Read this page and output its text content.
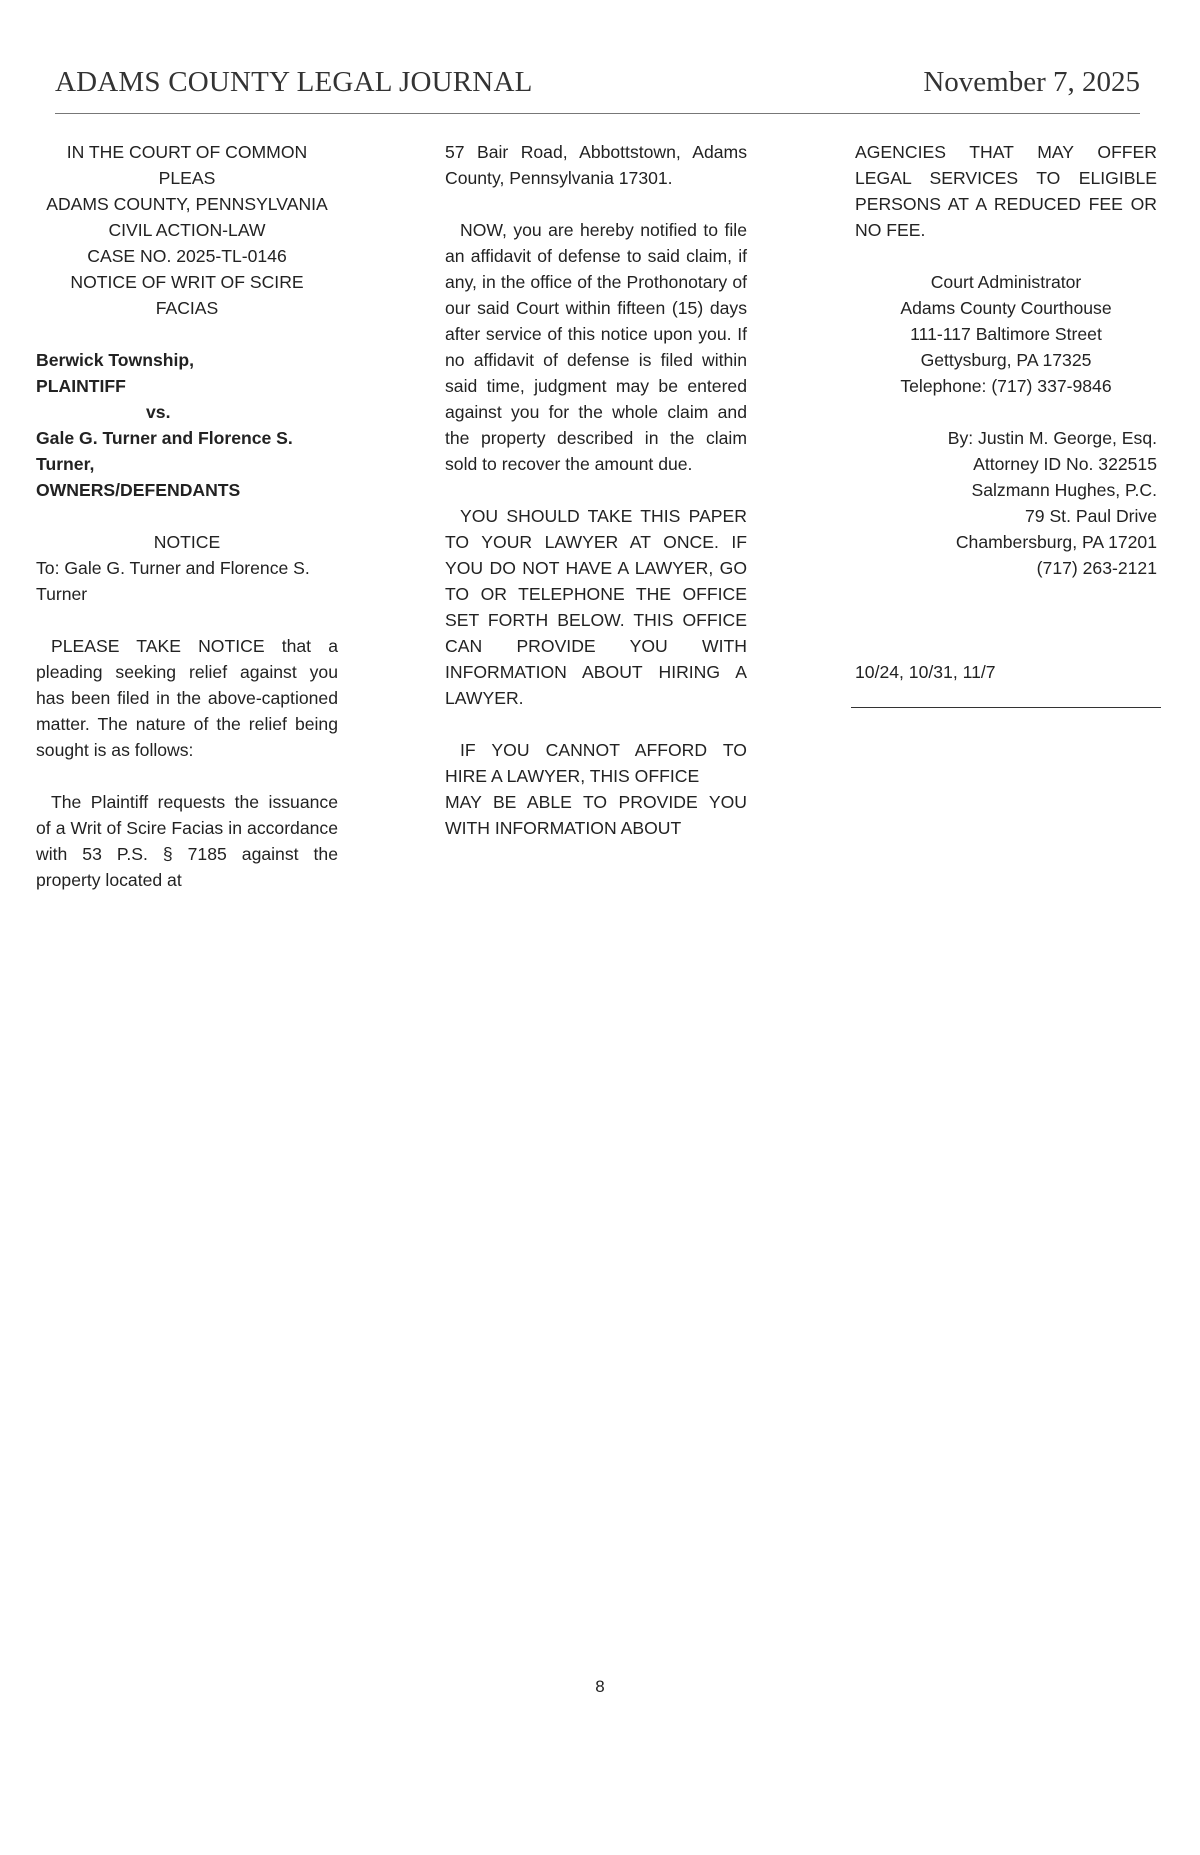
ADAMS COUNTY LEGAL JOURNAL	November 7, 2025
IN THE COURT OF COMMON
PLEAS
ADAMS COUNTY, PENNSYLVANIA
CIVIL ACTION-LAW
CASE NO. 2025-TL-0146
NOTICE OF WRIT OF SCIRE
FACIAS
Berwick Township,
PLAINTIFF
vs.
Gale G. Turner and Florence S.
Turner,
OWNERS/DEFENDANTS
NOTICE
To: Gale G. Turner and Florence S.
Turner

PLEASE TAKE NOTICE that a pleading seeking relief against you has been filed in the above-captioned matter. The nature of the relief being sought is as follows:

The Plaintiff requests the issuance of a Writ of Scire Facias in accordance with 53 P.S. § 7185 against the property located at

57 Bair Road, Abbottstown, Adams County, Pennsylvania 17301.

NOW, you are hereby notified to file an affidavit of defense to said claim, if any, in the office of the Prothonotary of our said Court within fifteen (15) days after service of this notice upon you. If no affidavit of defense is filed within said time, judgment may be entered against you for the whole claim and the property described in the claim sold to recover the amount due.

YOU SHOULD TAKE THIS PAPER TO YOUR LAWYER AT ONCE. IF YOU DO NOT HAVE A LAWYER, GO TO OR TELEPHONE THE OFFICE SET FORTH BELOW. THIS OFFICE CAN PROVIDE YOU WITH INFORMATION ABOUT HIRING A LAWYER.

IF YOU CANNOT AFFORD TO
HIRE A LAWYER, THIS OFFICE
MAY BE ABLE TO PROVIDE YOU
WITH INFORMATION ABOUT
AGENCIES THAT MAY OFFER
LEGAL SERVICES TO ELIGIBLE
PERSONS AT A REDUCED FEE OR
NO FEE.
Court Administrator
Adams County Courthouse
111-117 Baltimore Street
Gettysburg, PA 17325
Telephone: (717) 337-9846
By: Justin M. George, Esq.
Attorney ID No. 322515
Salzmann Hughes, P.C.
79 St. Paul Drive
Chambersburg, PA 17201
(717) 263-2121
10/24, 10/31, 11/7
8
